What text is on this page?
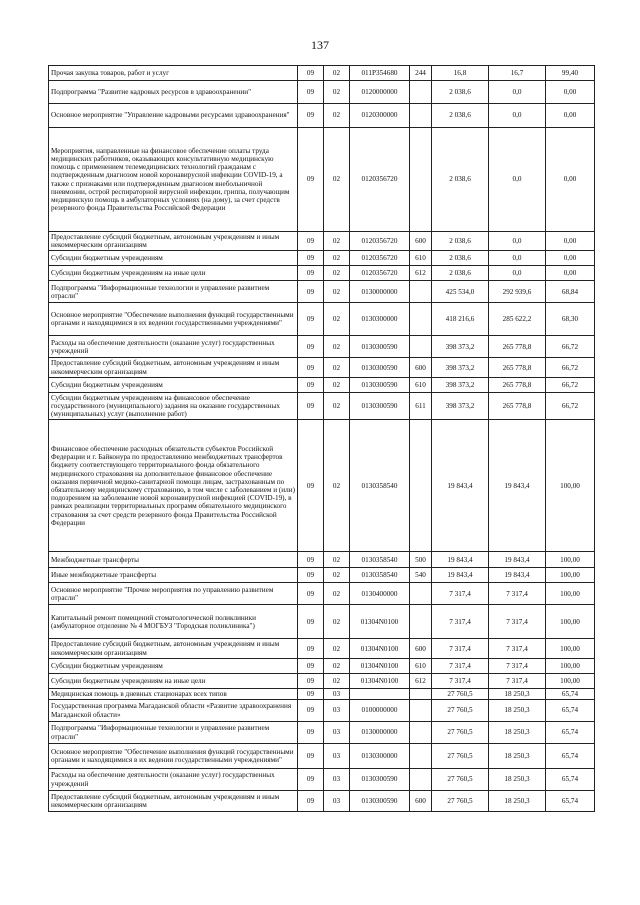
137
Прочая закупка товаров, работ и услуг	09	02	011Р354680	244	16,8	16,7	99,40
Подпрограмма "Развитие кадровых ресурсов в здравоохранении"	09	02	0120000000		2 038,6	0,0	0,00
Основное мероприятие "Управление кадровыми ресурсами здравоохранения"	09	02	0120300000		2 038,6	0,0	0,00
Мероприятия, направленные на финансовое обеспечение оплаты труда медицинских работников, оказывающих консультативную медицинскую помощь с применением телемедицинских технологий гражданам с подтвержденным диагнозом новой коронавирусной инфекции COVID-19, а также с признаками или подтвержденным диагнозом внебольничной пневмонии, острой респираторной вирусной инфекции, гриппа, получающим медицинскую помощь в амбулаторных условиях (на дому), за счет средств резервного фонда Правительства Российской Федерации	09	02	0120356720		2 038,6	0,0	0,00
Предоставление субсидий бюджетным, автономным учреждениям и иным некоммерческим организациям	09	02	0120356720	600	2 038,6	0,0	0,00
Субсидии бюджетным учреждениям	09	02	0120356720	610	2 038,6	0,0	0,00
Субсидии бюджетным учреждениям на иные цели	09	02	0120356720	612	2 038,6	0,0	0,00
Подпрограмма "Информационные технологии и управление развитием отрасли"	09	02	0130000000		425 534,0	292 939,6	68,84
Основное мероприятие "Обеспечение выполнения функций государственными органами и находящимися в их ведении государственными учреждениями"	09	02	0130300000		418 216,6	285 622,2	68,30
Расходы на обеспечение деятельности (оказание услуг) государственных учреждений	09	02	0130300590		398 373,2	265 778,8	66,72
Предоставление субсидий бюджетным, автономным учреждениям и иным некоммерческим организациям	09	02	0130300590	600	398 373,2	265 778,8	66,72
Субсидии бюджетным учреждениям	09	02	0130300590	610	398 373,2	265 778,8	66,72
Субсидии бюджетным учреждениям на финансовое обеспечение государственного (муниципального) задания на оказание государственных (муниципальных) услуг (выполнение работ)	09	02	0130300590	611	398 373,2	265 778,8	66,72
Финансовое обеспечение расходных обязательств субъектов Российской Федерации и г. Байконура по предоставлению межбюджетных трансфертов бюджету соответствующего территориального фонда обязательного медицинского страхования на дополнительное финансовое обеспечение оказания первичной медико-санитарной помощи лицам, застрахованным по обязательному медицинскому страхованию, в том числе с заболеванием и (или) подозрением на заболевание новой коронавирусной инфекцией (COVID-19), в рамках реализации территориальных программ обязательного медицинского страхования за счет средств резервного фонда Правительства Российской Федерации	09	02	0130358540		19 843,4	19 843,4	100,00
Межбюджетные трансферты	09	02	0130358540	500	19 843,4	19 843,4	100,00
Иные межбюджетные трансферты	09	02	0130358540	540	19 843,4	19 843,4	100,00
Основное мероприятие "Прочие мероприятия по управлению развитием отрасли"	09	02	0130400000		7 317,4	7 317,4	100,00
Капитальный ремонт помещений стоматологической поликлиники (амбулаторное отделение № 4 МОГБУЗ "Городская поликлиника")	09	02	01304N0100		7 317,4	7 317,4	100,00
Предоставление субсидий бюджетным, автономным учреждениям и иным некоммерческим организациям	09	02	01304N0100	600	7 317,4	7 317,4	100,00
Субсидии бюджетным учреждениям	09	02	01304N0100	610	7 317,4	7 317,4	100,00
Субсидии бюджетным учреждениям на иные цели	09	02	01304N0100	612	7 317,4	7 317,4	100,00
Медицинская помощь в дневных стационарах всех типов	09	03			27 760,5	18 250,3	65,74
Государственная программа Магаданской области «Развитие здравоохранения Магаданской области»	09	03	0100000000		27 760,5	18 250,3	65,74
Подпрограмма "Информационные технологии и управление развитием отрасли"	09	03	0130000000		27 760,5	18 250,3	65,74
Основное мероприятие "Обеспечение выполнения функций государственными органами и находящимися в их ведении государственными учреждениями"	09	03	0130300000		27 760,5	18 250,3	65,74
Расходы на обеспечение деятельности (оказание услуг) государственных учреждений	09	03	0130300590		27 760,5	18 250,3	65,74
Предоставление субсидий бюджетным, автономным учреждениям и иным некоммерческим организациям	09	03	0130300590	600	27 760,5	18 250,3	65,74
